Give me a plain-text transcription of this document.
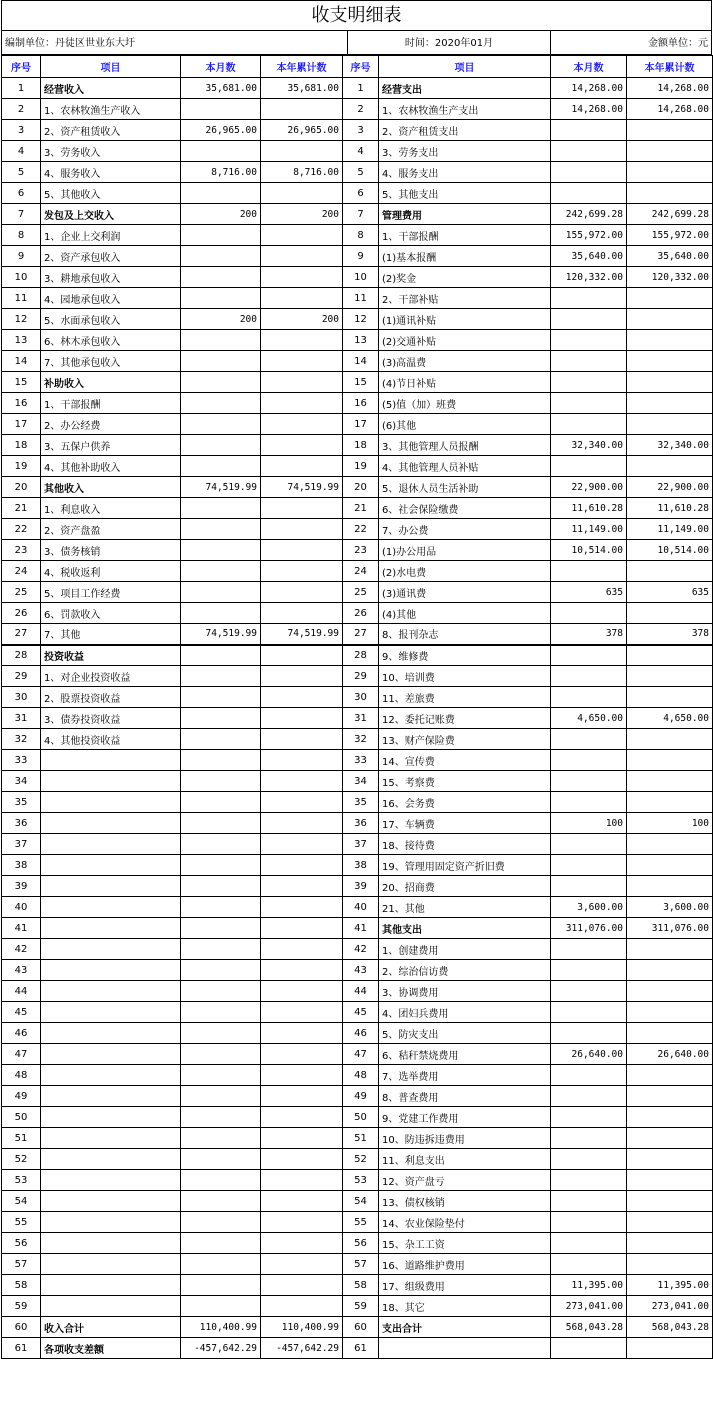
收支明细表
编制单位：丹徒区世业东大圩	时间：2020年01月	金额单位：元
序号	项目	本月数	本年累计数	序号	项目	本月数	本年累计数
1	经营收入	35,681.00	35,681.00	1	经营支出	14,268.00	14,268.00
2	1、农林牧渔生产收入			2	1、农林牧渔生产支出	14,268.00	14,268.00
3	2、资产租赁收入	26,965.00	26,965.00	3	2、资产租赁支出		
4	3、劳务收入			4	3、劳务支出		
5	4、服务收入	8,716.00	8,716.00	5	4、服务支出		
6	5、其他收入			6	5、其他支出		
7	发包及上交收入	200	200	7	管理费用	242,699.28	242,699.28
8	1、企业上交利润			8	1、干部报酬	155,972.00	155,972.00
9	2、资产承包收入			9	(1)基本报酬	35,640.00	35,640.00
10	3、耕地承包收入			10	(2)奖金	120,332.00	120,332.00
11	4、园地承包收入			11	2、干部补贴		
12	5、水面承包收入	200	200	12	(1)通讯补贴		
13	6、林木承包收入			13	(2)交通补贴		
14	7、其他承包收入			14	(3)高温费		
15	补助收入			15	(4)节日补贴		
16	1、干部报酬			16	(5)值（加）班费		
17	2、办公经费			17	(6)其他		
18	3、五保户供养			18	3、其他管理人员报酬	32,340.00	32,340.00
19	4、其他补助收入			19	4、其他管理人员补贴		
20	其他收入	74,519.99	74,519.99	20	5、退休人员生活补助	22,900.00	22,900.00
21	1、利息收入			21	6、社会保险缴费	11,610.28	11,610.28
22	2、资产盘盈			22	7、办公费	11,149.00	11,149.00
23	3、债务核销			23	(1)办公用品	10,514.00	10,514.00
24	4、税收返利			24	(2)水电费		
25	5、项目工作经费			25	(3)通讯费	635	635
26	6、罚款收入			26	(4)其他		
27	7、其他	74,519.99	74,519.99	27	8、报刊杂志	378	378
28	投资收益			28	9、维修费		
29	1、对企业投资收益			29	10、培训费		
30	2、股票投资收益			30	11、差旅费		
31	3、债券投资收益			31	12、委托记账费	4,650.00	4,650.00
32	4、其他投资收益			32	13、财产保险费		
33				33	14、宣传费		
34				34	15、考察费		
35				35	16、会务费		
36				36	17、车辆费	100	100
37				37	18、接待费		
38				38	19、管理用固定资产折旧费		
39				39	20、招商费		
40				40	21、其他	3,600.00	3,600.00
41				41	其他支出	311,076.00	311,076.00
42				42	1、创建费用		
43				43	2、综治信访费		
44				44	3、协调费用		
45				45	4、团妇兵费用		
46				46	5、防灾支出		
47				47	6、秸秆禁烧费用	26,640.00	26,640.00
48				48	7、选举费用		
49				49	8、普查费用		
50				50	9、党建工作费用		
51				51	10、防违拆违费用		
52				52	11、利息支出		
53				53	12、资产盘亏		
54				54	13、债权核销		
55				55	14、农业保险垫付		
56				56	15、杂工工资		
57				57	16、道路维护费用		
58				58	17、组级费用	11,395.00	11,395.00
59				59	18、其它	273,041.00	273,041.00
60	收入合计	110,400.99	110,400.99	60	支出合计	568,043.28	568,043.28
61	各项收支差额	-457,642.29	-457,642.29	61			
